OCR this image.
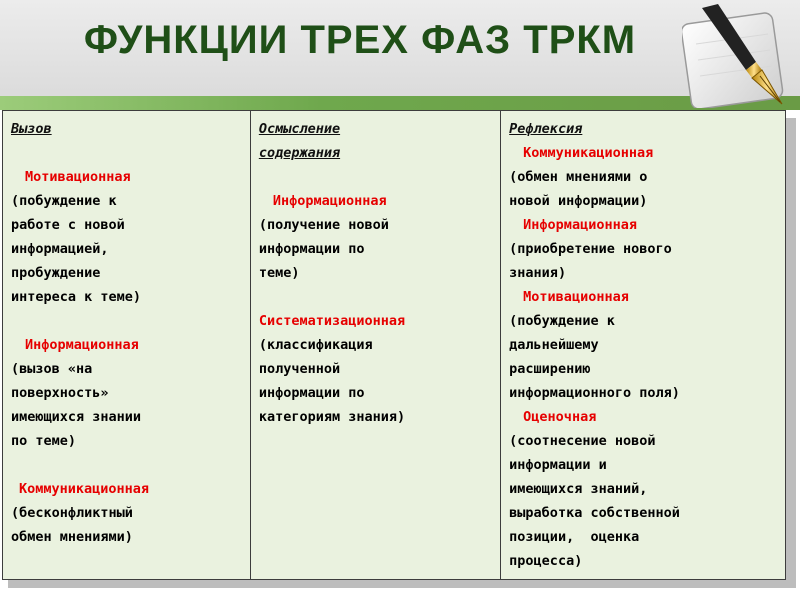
ФУНКЦИИ ТРЕХ ФАЗ ТРКМ
Вызов
Мотивационная
(побуждение к
работе с новой
информацией,
пробуждение
интереса к теме)
Информационная
(вызов «на
поверхность»
имеющихся знании
по теме)
Коммуникационная
(бесконфликтный
обмен мнениями)

Осмысление
содержания
Информационная
(получение новой
информации по
теме)
Систематизационная
(классификация
полученной
информации по
категориям знания)

Рефлексия
Коммуникационная
(обмен мнениями о
новой информации)
Информационная
(приобретение нового
знания)
Мотивационная
(побуждение к
дальнейшему
расширению
информационного поля)
Оценочная
(соотнесение новой
информации и
имеющихся знаний,
выработка собственной
позиции,  оценка
процесса)
